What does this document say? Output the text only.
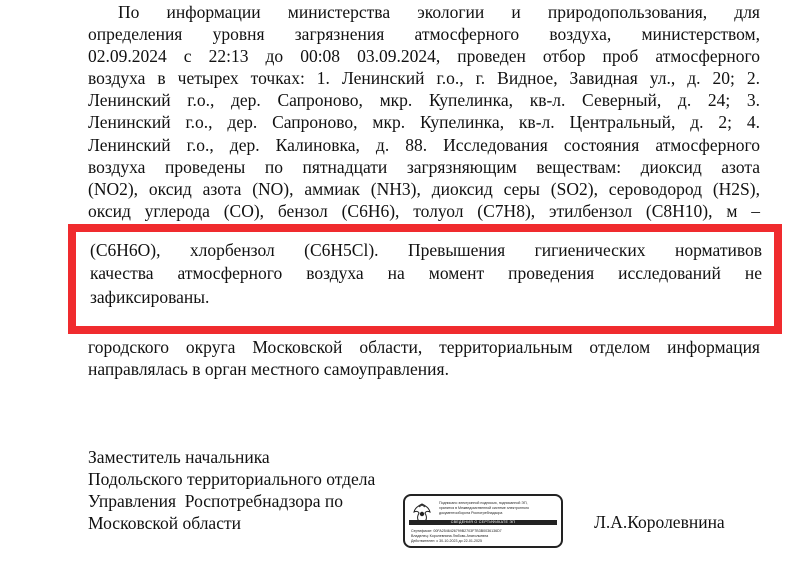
По информации министерства экологии и природопользования, для

определения уровня загрязнения атмосферного воздуха, министерством,

02.09.2024 с 22:13 до 00:08 03.09.2024, проведен отбор проб атмосферного

воздуха в четырех точках: 1. Ленинский г.о., г. Видное, Завидная ул., д. 20; 2.

Ленинский г.о., дер. Сапроново, мкр. Купелинка, кв-л. Северный, д. 24; 3.

Ленинский г.о., дер. Сапроново, мкр. Купелинка, кв-л. Центральный, д. 2; 4.

Ленинский г.о., дер. Калиновка, д. 88. Исследования состояния атмосферного

воздуха проведены по пятнадцати загрязняющим веществам: диоксид азота

(NO2), оксид азота (NO), аммиак (NH3), диоксид серы (SO2), сероводород (H2S),

оксид углерода (CO), бензол (C6H6), толуол (C7H8), этилбензол (C8H10), м –

(C6H6O), хлорбензол (C6H5Cl). Превышения гигиенических нормативов

качества атмосферного воздуха на момент проведения исследований не

зафиксированы.

городского округа Московской области, территориальным отделом информация

направлялась в орган местного самоуправления.

Заместитель начальника

Подольского территориального отдела

Управления  Роспотребнадзора по

Московской области	Л.А.Королевнина
Подписано электронной подписью, подписанной ЭП,
хранится в Межведомственной системе электронного
документооборота Роспотребнадзора
СВЕДЕНИЯ О СЕРТИФИКАТЕ ЭП
Сертификат: 00FA2546426799B2703F7B3B0036136D7
Владелец: Королевнина Любовь Анатольевна
Действителен: с 30-10-2023 до 22-01-2025
